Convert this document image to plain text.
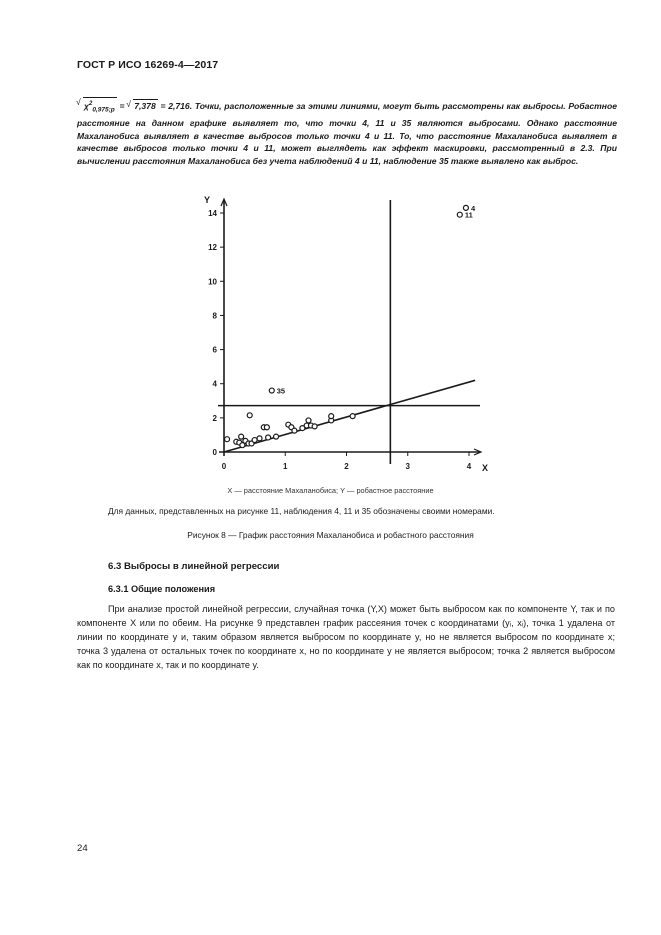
ГОСТ Р ИСО 16269-4—2017
√ $\chi^2_{0,975;p}$ = √ 7,378 = 2,716. Точки, расположенные за этими линиями, могут быть рассмотрены как выбросы. Робастное расстояние на данном графике выявляет то, что точки 4, 11 и 35 являются выбросами. Однако расстояние Махаланобиса выявляет в качестве выбросов только точки 4 и 11. То, что расстояние Махаланобиса выявляет в качестве выбросов только точки 4 и 11, может выглядеть как эффект маскировки, рассмотренный в 2.3. При вычислении расстояния Махаланобиса без учета наблюдений 4 и 11, наблюдение 35 также выявлено как выброс.
Y
X
0
2
4
6
8
10
12
14
0	1	2	3	4
35
11
4
X — расстояние Махаланобиса; Y — робастное расстояние
Для данных, представленных на рисунке 11, наблюдения 4, 11 и 35 обозначены своими номерами.
Рисунок 8 — График расстояния Махаланобиса и робастного расстояния
6.3 Выбросы в линейной регрессии
6.3.1 Общие положения
При анализе простой линейной регрессии, случайная точка (Y,X) может быть выбросом как по компоненте Y, так и по компоненте X или по обеим. На рисунке 9 представлен график рассеяния точек с координатами (yᵢ, xᵢ), точка 1 удалена от линии по координате y и, таким образом является выбросом по координате y, но не является выбросом по координате x; точка 3 удалена от остальных точек по координате x, но по координате y не является выбросом; точка 2 является выбросом как по координате x, так и по координате y.
24
